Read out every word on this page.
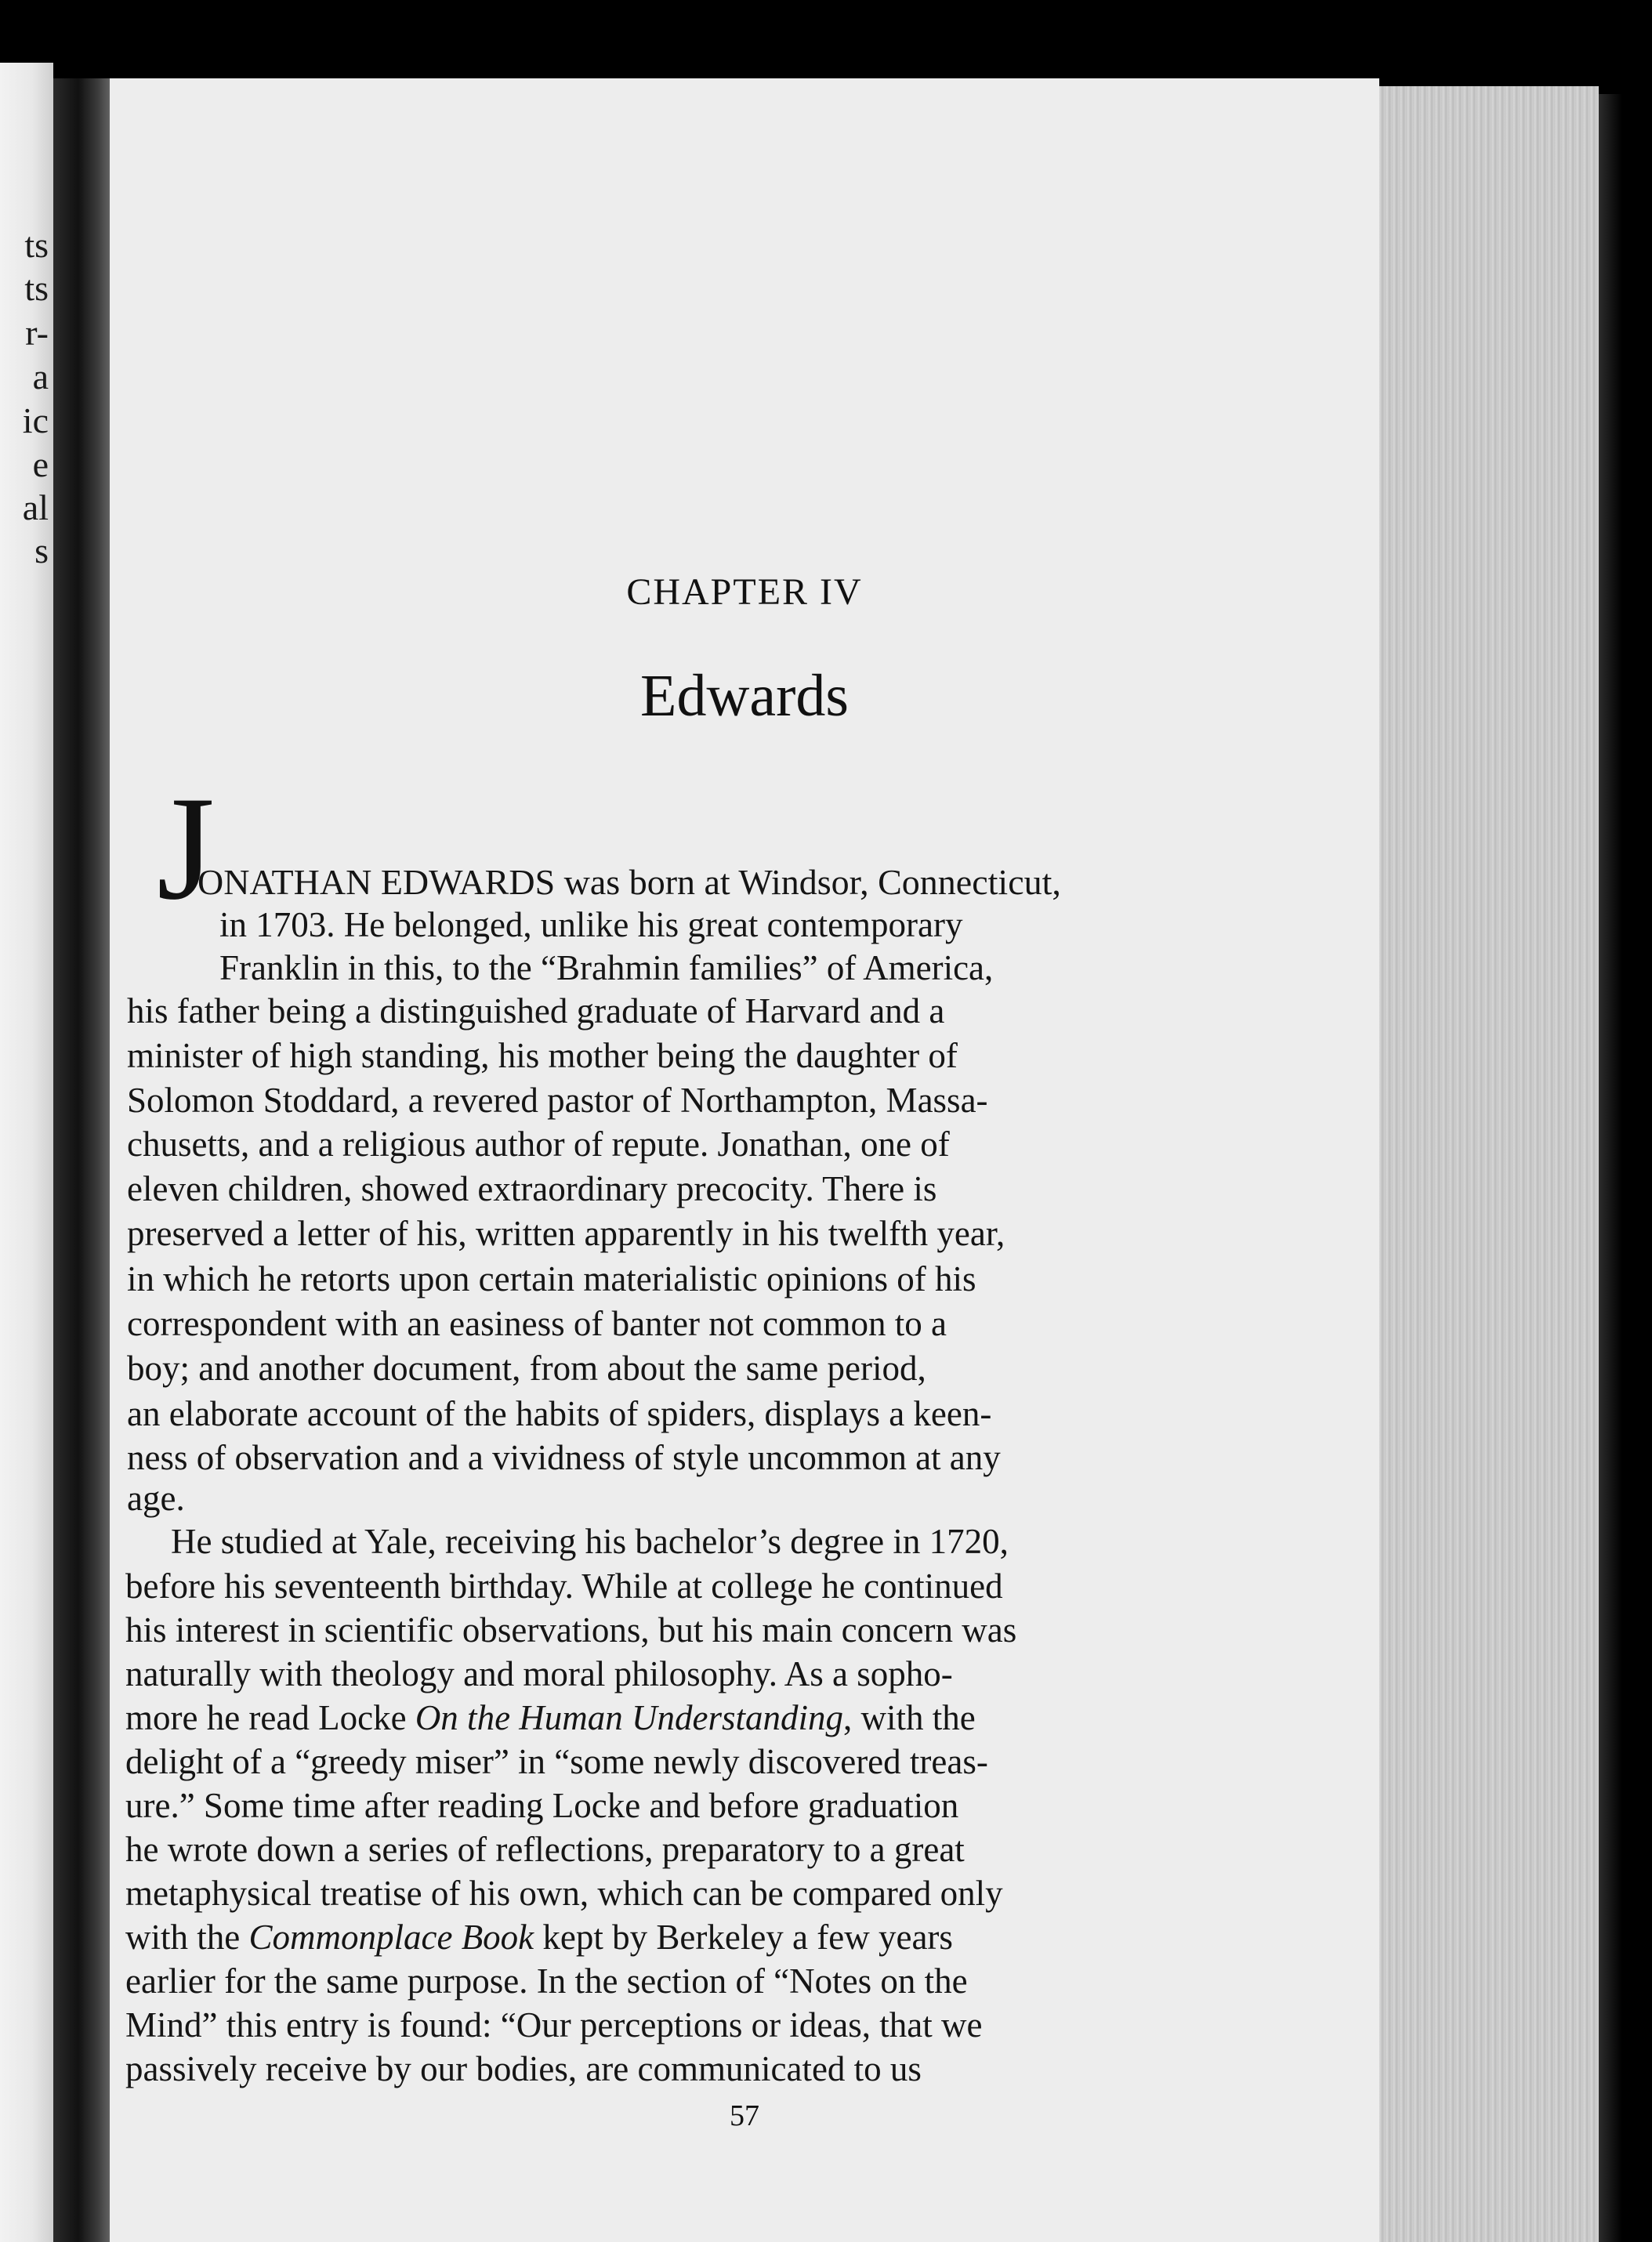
ts
ts
r-
a
ic
e
al
s
CHAPTER IV
Edwards
J
ONATHAN EDWARDS was born at Windsor, Connecticut,
in 1703. He belonged, unlike his great contemporary
Franklin in this, to the “Brahmin families” of America,
his father being a distinguished graduate of Harvard and a
minister of high standing, his mother being the daughter of
Solomon Stoddard, a revered pastor of Northampton, Massa-
chusetts, and a religious author of repute. Jonathan, one of
eleven children, showed extraordinary precocity. There is
preserved a letter of his, written apparently in his twelfth year,
in which he retorts upon certain materialistic opinions of his
correspondent with an easiness of banter not common to a
boy; and another document, from about the same period,
an elaborate account of the habits of spiders, displays a keen-
ness of observation and a vividness of style uncommon at any
age.
He studied at Yale, receiving his bachelor’s degree in 1720,
before his seventeenth birthday. While at college he continued
his interest in scientific observations, but his main concern was
naturally with theology and moral philosophy. As a sopho-
more he read Locke On the Human Understanding, with the
delight of a “greedy miser” in “some newly discovered treas-
ure.” Some time after reading Locke and before graduation
he wrote down a series of reflections, preparatory to a great
metaphysical treatise of his own, which can be compared only
with the Commonplace Book kept by Berkeley a few years
earlier for the same purpose. In the section of “Notes on the
Mind” this entry is found: “Our perceptions or ideas, that we
passively receive by our bodies, are communicated to us
57
